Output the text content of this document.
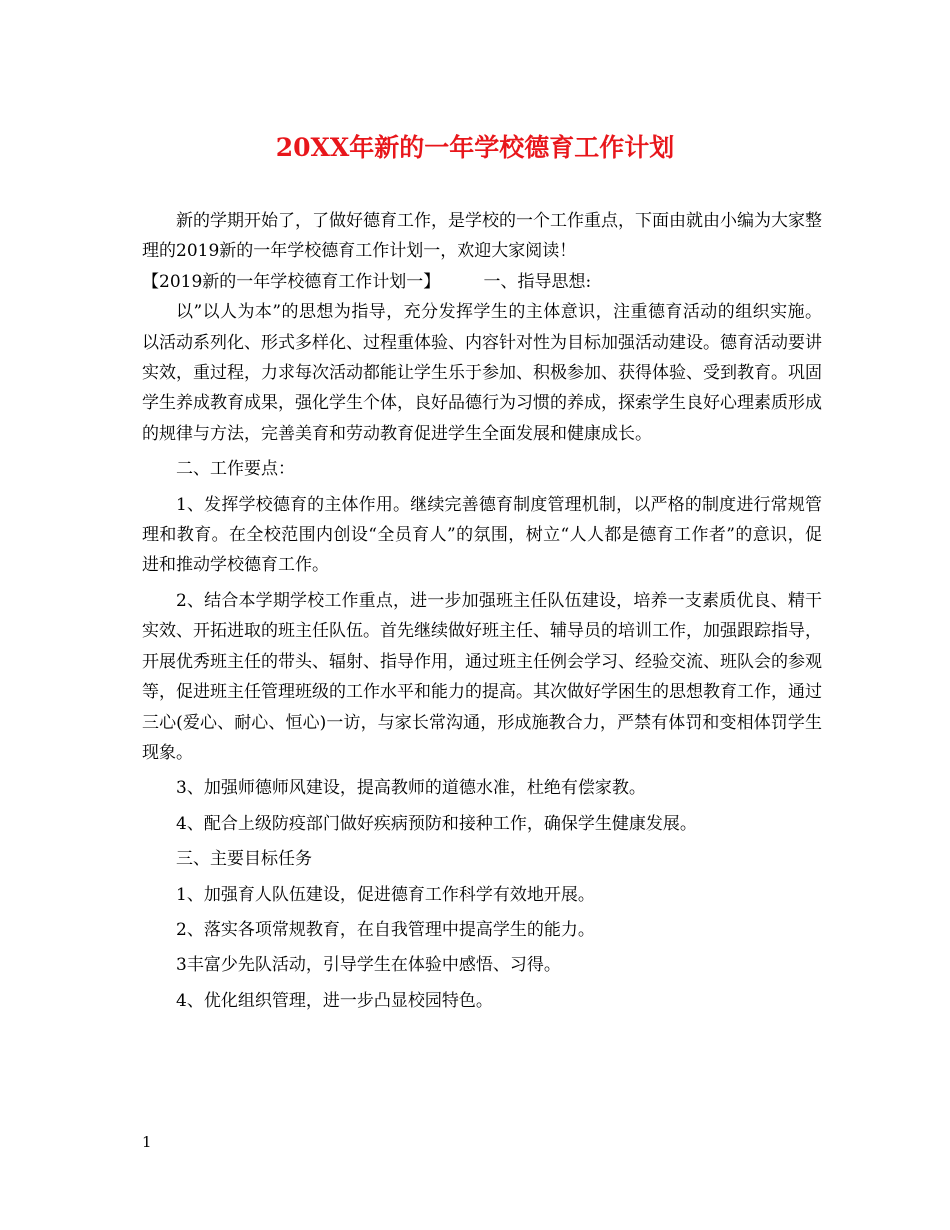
20XX年新的一年学校德育工作计划

新的学期开始了，了做好德育工作，是学校的一个工作重点，下面由就由小编为大家整理的2019新的一年学校德育工作计划一，欢迎大家阅读！

【2019新的一年学校德育工作计划一】	一、指导思想:

以”以人为本”的思想为指导，充分发挥学生的主体意识，注重德育活动的组织实施。以活动系列化、形式多样化、过程重体验、内容针对性为目标加强活动建设。德育活动要讲实效，重过程，力求每次活动都能让学生乐于参加、积极参加、获得体验、受到教育。巩固学生养成教育成果，强化学生个体，良好品德行为习惯的养成，探索学生良好心理素质形成的规律与方法，完善美育和劳动教育促进学生全面发展和健康成长。

二、工作要点：

1、发挥学校德育的主体作用。继续完善德育制度管理机制，以严格的制度进行常规管理和教育。在全校范围内创设“全员育人”的氛围，树立“人人都是德育工作者”的意识，促进和推动学校德育工作。

2、结合本学期学校工作重点，进一步加强班主任队伍建设，培养一支素质优良、精干实效、开拓进取的班主任队伍。首先继续做好班主任、辅导员的培训工作，加强跟踪指导，开展优秀班主任的带头、辐射、指导作用，通过班主任例会学习、经验交流、班队会的参观等，促进班主任管理班级的工作水平和能力的提高。其次做好学困生的思想教育工作，通过三心(爱心、耐心、恒心)一访，与家长常沟通，形成施教合力，严禁有体罚和变相体罚学生现象。

3、加强师德师风建设，提高教师的道德水准，杜绝有偿家教。

4、配合上级防疫部门做好疾病预防和接种工作，确保学生健康发展。

三、主要目标任务

1、加强育人队伍建设，促进德育工作科学有效地开展。

2、落实各项常规教育，在自我管理中提高学生的能力。

3丰富少先队活动，引导学生在体验中感悟、习得。

4、优化组织管理，进一步凸显校园特色。

1
